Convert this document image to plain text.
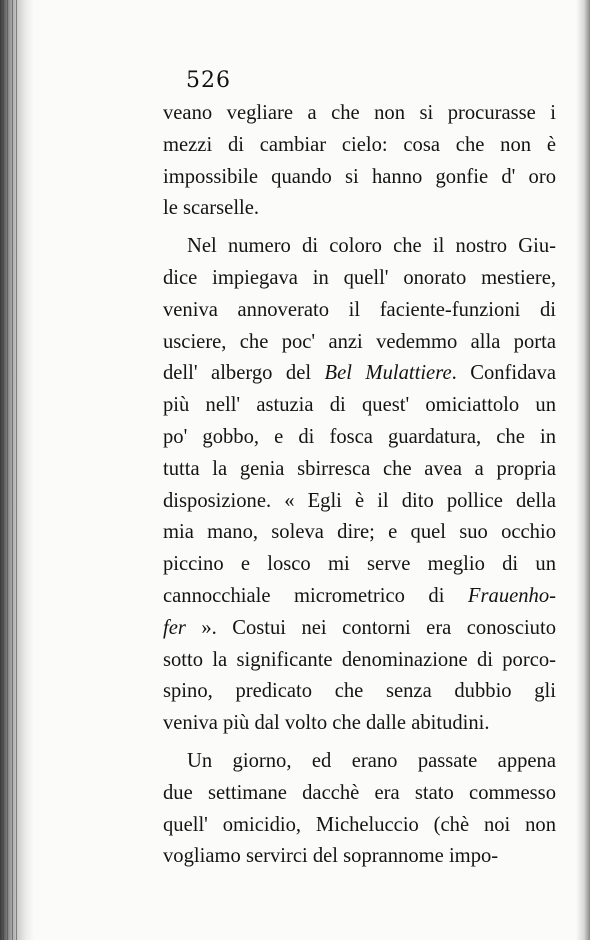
526
veano vegliare a che non si procurasse i
mezzi di cambiar cielo: cosa che non è
impossibile quando si hanno gonfie d' oro
le scarselle.
Nel numero di coloro che il nostro Giu-
dice impiegava in quell' onorato mestiere,
veniva annoverato il faciente-funzioni di
usciere, che poc' anzi vedemmo alla porta
dell' albergo del Bel Mulattiere. Confidava
più nell' astuzia di quest' omiciattolo un
po' gobbo, e di fosca guardatura, che in
tutta la genia sbirresca che avea a propria
disposizione. « Egli è il dito pollice della
mia mano, soleva dire; e quel suo occhio
piccino e losco mi serve meglio di un
cannocchiale micrometrico di Frauenho-
fer ». Costui nei contorni era conosciuto
sotto la significante denominazione di porco-
spino, predicato che senza dubbio gli
veniva più dal volto che dalle abitudini.
Un giorno, ed erano passate appena
due settimane dacchè era stato commesso
quell' omicidio, Micheluccio (chè noi non
vogliamo servirci del soprannome impo-
